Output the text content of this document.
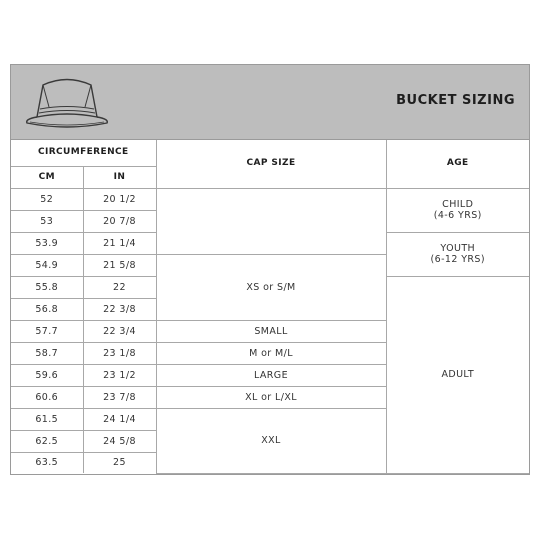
BUCKET SIZING
CIRCUMFERENCE		CAP SIZE	AGE
CM	IN		
52	20 1/2		CHILD
(4-6 YRS)
53	20 7/8		
53.9	21 1/4		YOUTH
(6-12 YRS)
54.9	21 5/8	XS or S/M	
55.8	22		ADULT
56.8	22 3/8		
57.7	22 3/4	SMALL	
58.7	23 1/8	M or M/L	
59.6	23 1/2	LARGE	
60.6	23 7/8	XL or L/XL	
61.5	24 1/4	XXL	
62.5	24 5/8		
63.5	25		
